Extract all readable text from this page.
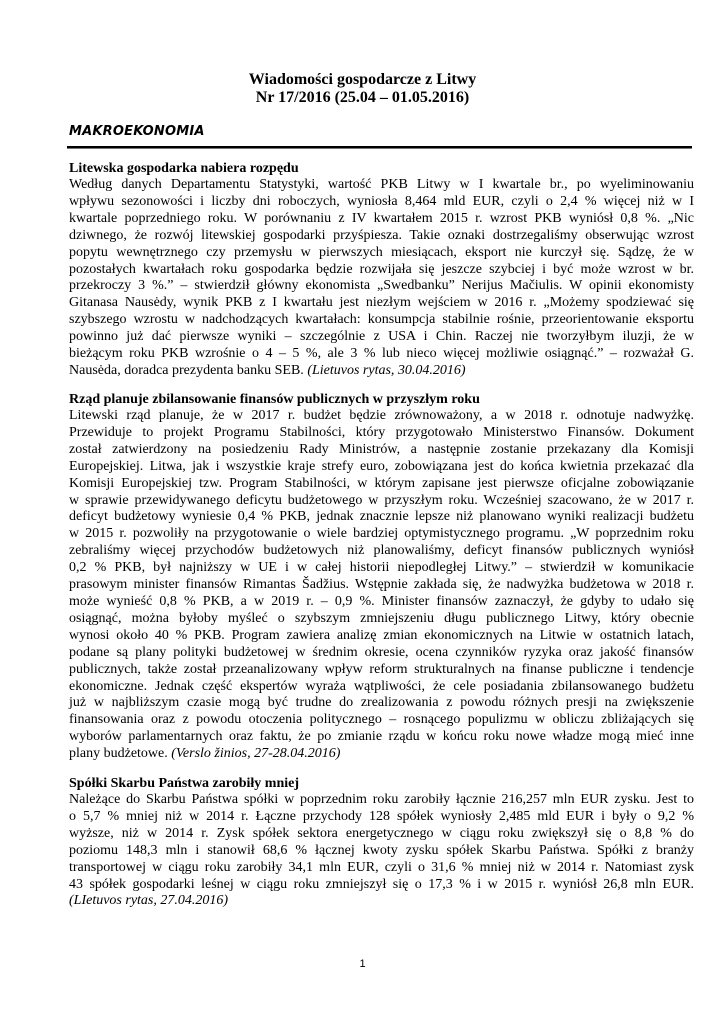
Wiadomości gospodarcze z Litwy
Nr 17/2016 (25.04 – 01.05.2016)
MAKROEKONOMIA

Litewska gospodarka nabiera rozpędu

Według danych Departamentu Statystyki, wartość PKB Litwy w I kwartale br., po wyeliminowaniu
wpływu sezonowości i liczby dni roboczych, wyniosła 8,464 mld EUR, czyli o 2,4 % więcej niż w I
kwartale poprzedniego roku. W porównaniu z IV kwartałem 2015 r. wzrost PKB wyniósł 0,8 %. „Nic
dziwnego, że rozwój litewskiej gospodarki przyśpiesza. Takie oznaki dostrzegaliśmy obserwując wzrost
popytu wewnętrznego czy przemysłu w pierwszych miesiącach, eksport nie kurczył się. Sądzę, że w
pozostałych kwartałach roku gospodarka będzie rozwijała się jeszcze szybciej i być może wzrost w br.
przekroczy 3 %.” – stwierdził główny ekonomista „Swedbanku” Nerijus Mačiulis. W opinii ekonomisty
Gitanasa Nausėdy, wynik PKB z I kwartału jest niezłym wejściem w 2016 r. „Możemy spodziewać się
szybszego wzrostu w nadchodzących kwartałach: konsumpcja stabilnie rośnie, przeorientowanie eksportu
powinno już dać pierwsze wyniki – szczególnie z USA i Chin. Raczej nie tworzyłbym iluzji, że w
bieżącym roku PKB wzrośnie o 4 – 5 %, ale 3 % lub nieco więcej możliwie osiągnąć.” – rozważał G.
Nausėda, doradca prezydenta banku SEB. (Lietuvos rytas, 30.04.2016)

Rząd planuje zbilansowanie finansów publicznych w przyszłym roku

Litewski rząd planuje, że w 2017 r. budżet będzie zrównoważony, a w 2018 r. odnotuje nadwyżkę.
Przewiduje to projekt Programu Stabilności, który przygotowało Ministerstwo Finansów. Dokument
został zatwierdzony na posiedzeniu Rady Ministrów, a następnie zostanie przekazany dla Komisji
Europejskiej. Litwa, jak i wszystkie kraje strefy euro, zobowiązana jest do końca kwietnia przekazać dla
Komisji Europejskiej tzw. Program Stabilności, w którym zapisane jest pierwsze oficjalne zobowiązanie
w sprawie przewidywanego deficytu budżetowego w przyszłym roku. Wcześniej szacowano, że w 2017 r.
deficyt budżetowy wyniesie 0,4 % PKB, jednak znacznie lepsze niż planowano wyniki realizacji budżetu
w 2015 r. pozwoliły na przygotowanie o wiele bardziej optymistycznego programu. „W poprzednim roku
zebraliśmy więcej przychodów budżetowych niż planowaliśmy, deficyt finansów publicznych wyniósł
0,2 % PKB, był najniższy w UE i w całej historii niepodległej Litwy.” – stwierdził w komunikacie
prasowym minister finansów Rimantas Šadžius. Wstępnie zakłada się, że nadwyżka budżetowa w 2018 r.
może wynieść 0,8 % PKB, a w 2019 r. – 0,9 %. Minister finansów zaznaczył, że gdyby to udało się
osiągnąć, można byłoby myśleć o szybszym zmniejszeniu długu publicznego Litwy, który obecnie
wynosi około 40 % PKB. Program zawiera analizę zmian ekonomicznych na Litwie w ostatnich latach,
podane są plany polityki budżetowej w średnim okresie, ocena czynników ryzyka oraz jakość finansów
publicznych, także został przeanalizowany wpływ reform strukturalnych na finanse publiczne i tendencje
ekonomiczne. Jednak część ekspertów wyraża wątpliwości, że cele posiadania zbilansowanego budżetu
już w najbliższym czasie mogą być trudne do zrealizowania z powodu różnych presji na zwiększenie
finansowania oraz z powodu otoczenia politycznego – rosnącego populizmu w obliczu zbliżających się
wyborów parlamentarnych oraz faktu, że po zmianie rządu w końcu roku nowe władze mogą mieć inne
plany budżetowe. (Verslo žinios, 27-28.04.2016)

Spółki Skarbu Państwa zarobiły mniej

Należące do Skarbu Państwa spółki w poprzednim roku zarobiły łącznie 216,257 mln EUR zysku. Jest to
o 5,7 % mniej niż w 2014 r. Łączne przychody 128 spółek wyniosły 2,485 mld EUR i były o 9,2 %
wyższe, niż w 2014 r. Zysk spółek sektora energetycznego w ciągu roku zwiększył się o 8,8 % do
poziomu 148,3 mln i stanowił 68,6 % łącznej kwoty zysku spółek Skarbu Państwa. Spółki z branży
transportowej w ciągu roku zarobiły 34,1 mln EUR, czyli o 31,6 % mniej niż w 2014 r. Natomiast zysk
43 spółek gospodarki leśnej w ciągu roku zmniejszył się o 17,3 % i w 2015 r. wyniósł 26,8 mln EUR.
(LIetuvos rytas, 27.04.2016)

1
